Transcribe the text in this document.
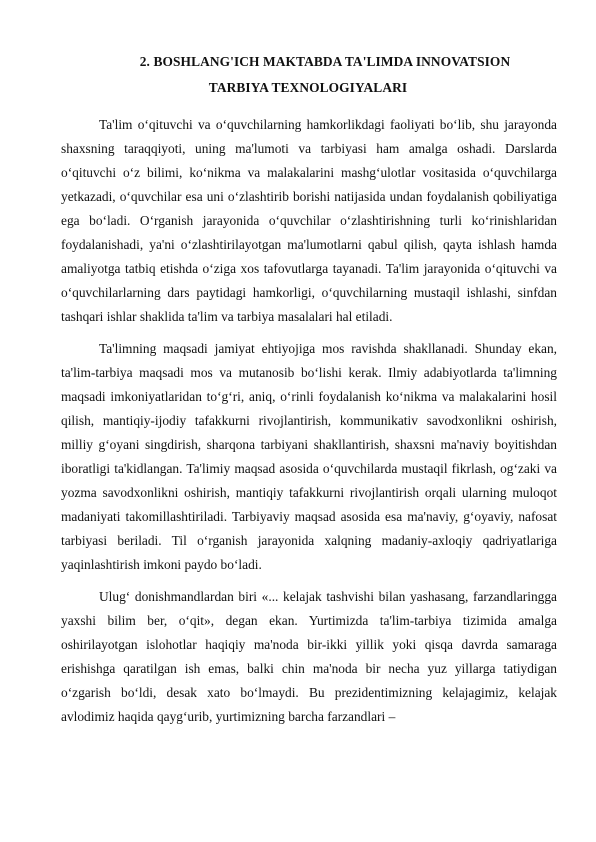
2. BOSHLANG'ICH MAKTABDA TA'LIMDA INNOVATSION
TARBIYA TEXNOLOGIYALARI

Ta'lim o‘qituvchi va o‘quvchilarning hamkorlikdagi faoliyati bo‘lib, shu jarayonda shaxsning taraqqiyoti, uning ma'lumoti va tarbiyasi ham amalga oshadi. Darslarda o‘qituvchi o‘z bilimi, ko‘nikma va malakalarini mashg‘ulotlar vositasida o‘quvchilarga yetkazadi, o‘quvchilar esa uni o‘zlashtirib borishi natijasida undan foydalanish qobiliyatiga ega bo‘ladi. O‘rganish jarayonida o‘quvchilar o‘zlashtirishning turli ko‘rinishlaridan foydalanishadi, ya'ni o‘zlashtirilayotgan ma'lumotlarni qabul qilish, qayta ishlash hamda amaliyotga tatbiq etishda o‘ziga xos tafovutlarga tayanadi. Ta'lim jarayonida o‘qituvchi va o‘quvchilarlarning dars paytidagi hamkorligi, o‘quvchilarning mustaqil ishlashi, sinfdan tashqari ishlar shaklida ta'lim va tarbiya masalalari hal etiladi.

Ta'limning maqsadi jamiyat ehtiyojiga mos ravishda shakllanadi. Shunday ekan, ta'lim-tarbiya maqsadi mos va mutanosib bo‘lishi kerak. Ilmiy adabiyotlarda ta'limning maqsadi imkoniyatlaridan to‘g‘ri, aniq, o‘rinli foydalanish ko‘nikma va malakalarini hosil qilish, mantiqiy-ijodiy tafakkurni rivojlantirish, kommunikativ savodxonlikni oshirish, milliy g‘oyani singdirish, sharqona tarbiyani shakllantirish, shaxsni ma'naviy boyitishdan iboratligi ta'kidlangan. Ta'limiy maqsad asosida o‘quvchilarda mustaqil fikrlash, og‘zaki va yozma savodxonlikni oshirish, mantiqiy tafakkurni rivojlantirish orqali ularning muloqot madaniyati takomillashtiriladi. Tarbiyaviy maqsad asosida esa ma'naviy, g‘oyaviy, nafosat tarbiyasi beriladi. Til o‘rganish jarayonida xalqning madaniy-axloqiy qadriyatlariga yaqinlashtirish imkoni paydo bo‘ladi.

Ulug‘ donishmandlardan biri «... kelajak tashvishi bilan yashasang, farzandlaringga yaxshi bilim ber, o‘qit», degan ekan. Yurtimizda ta'lim-tarbiya tizimida amalga oshirilayotgan islohotlar haqiqiy ma'noda bir-ikki yillik yoki qisqa davrda samaraga erishishga qaratilgan ish emas, balki chin ma'noda bir necha yuz yillarga tatiydigan o‘zgarish bo‘ldi, desak xato bo‘lmaydi. Bu prezidentimizning kelajagimiz, kelajak avlodimiz haqida qayg‘urib, yurtimizning barcha farzandlari –
